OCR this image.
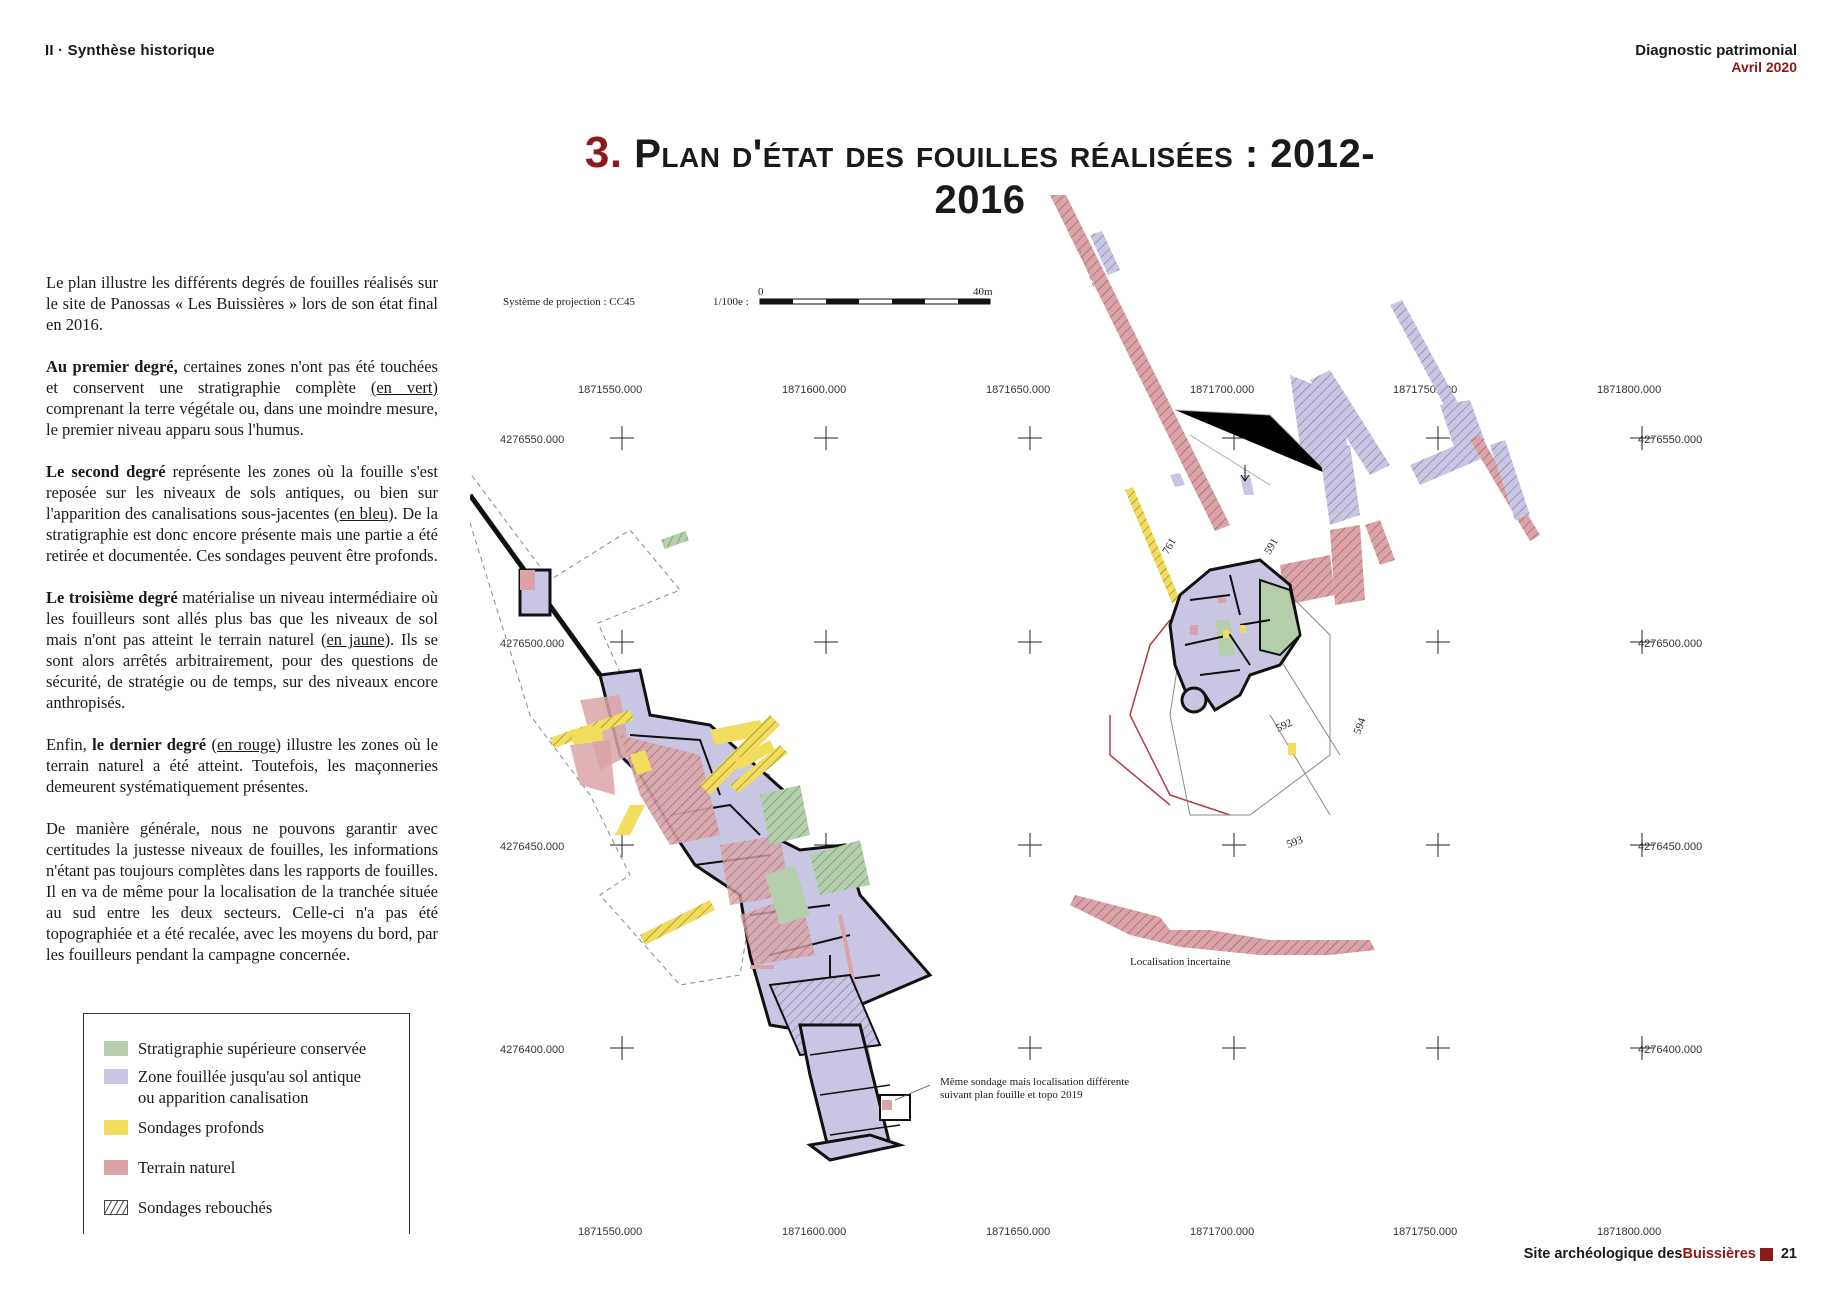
II · Synthèse historique	Diagnostic patrimonial
Avril 2020
3. Plan d'état des fouilles réalisées : 2012-2016

Le plan illustre les différents degrés de fouilles réalisés sur le site de Panossas « Les Buissières » lors de son état final en 2016.

Au premier degré, certaines zones n'ont pas été touchées et conservent une stratigraphie complète (en vert) comprenant la terre végétale ou, dans une moindre mesure, le premier niveau apparu sous l'humus.

Le second degré représente les zones où la fouille s'est reposée sur les niveaux de sols antiques, ou bien sur l'apparition des canalisations sous-jacentes (en bleu). De la stratigraphie est donc encore présente mais une partie a été retirée et documentée. Ces sondages peuvent être profonds.

Le troisième degré matérialise un niveau intermédiaire où les fouilleurs sont allés plus bas que les niveaux de sol mais n'ont pas atteint le terrain naturel (en jaune). Ils se sont alors arrêtés arbitrairement, pour des questions de sécurité, de stratégie ou de temps, sur des niveaux encore anthropisés.

Enfin, le dernier degré (en rouge) illustre les zones où le terrain naturel a été atteint. Toutefois, les maçonneries demeurent systématiquement présentes.

De manière générale, nous ne pouvons garantir avec certitudes la justesse niveaux de fouilles, les informations n'étant pas toujours complètes dans les rapports de fouilles. Il en va de même pour la localisation de la tranchée située au sud entre les deux secteurs. Celle-ci n'a pas été topographiée et a été recalée, avec les moyens du bord, par les fouilleurs pendant la campagne concernée.

Stratigraphie supérieure conservée
Zone fouillée jusqu'au sol antique ou apparition canalisation
Sondages profonds
Terrain naturel
Sondages rebouchés
Système de projection : CC45	1/100e :
0	40m
1871550.000	1871600.000	1871650.000	1871700.000	1871750.000	1871800.000
1871550.000	1871600.000	1871650.000	1871700.000	1871750.000	1871800.000
4276550.000
4276500.000
4276450.000
4276400.000
4276550.000
4276500.000
4276450.000
4276400.000
761	591
592
593
594
Localisation incertaine
Même sondage mais localisation différente
suivant plan fouille et topo 2019
Site archéologique des Buissières 21
